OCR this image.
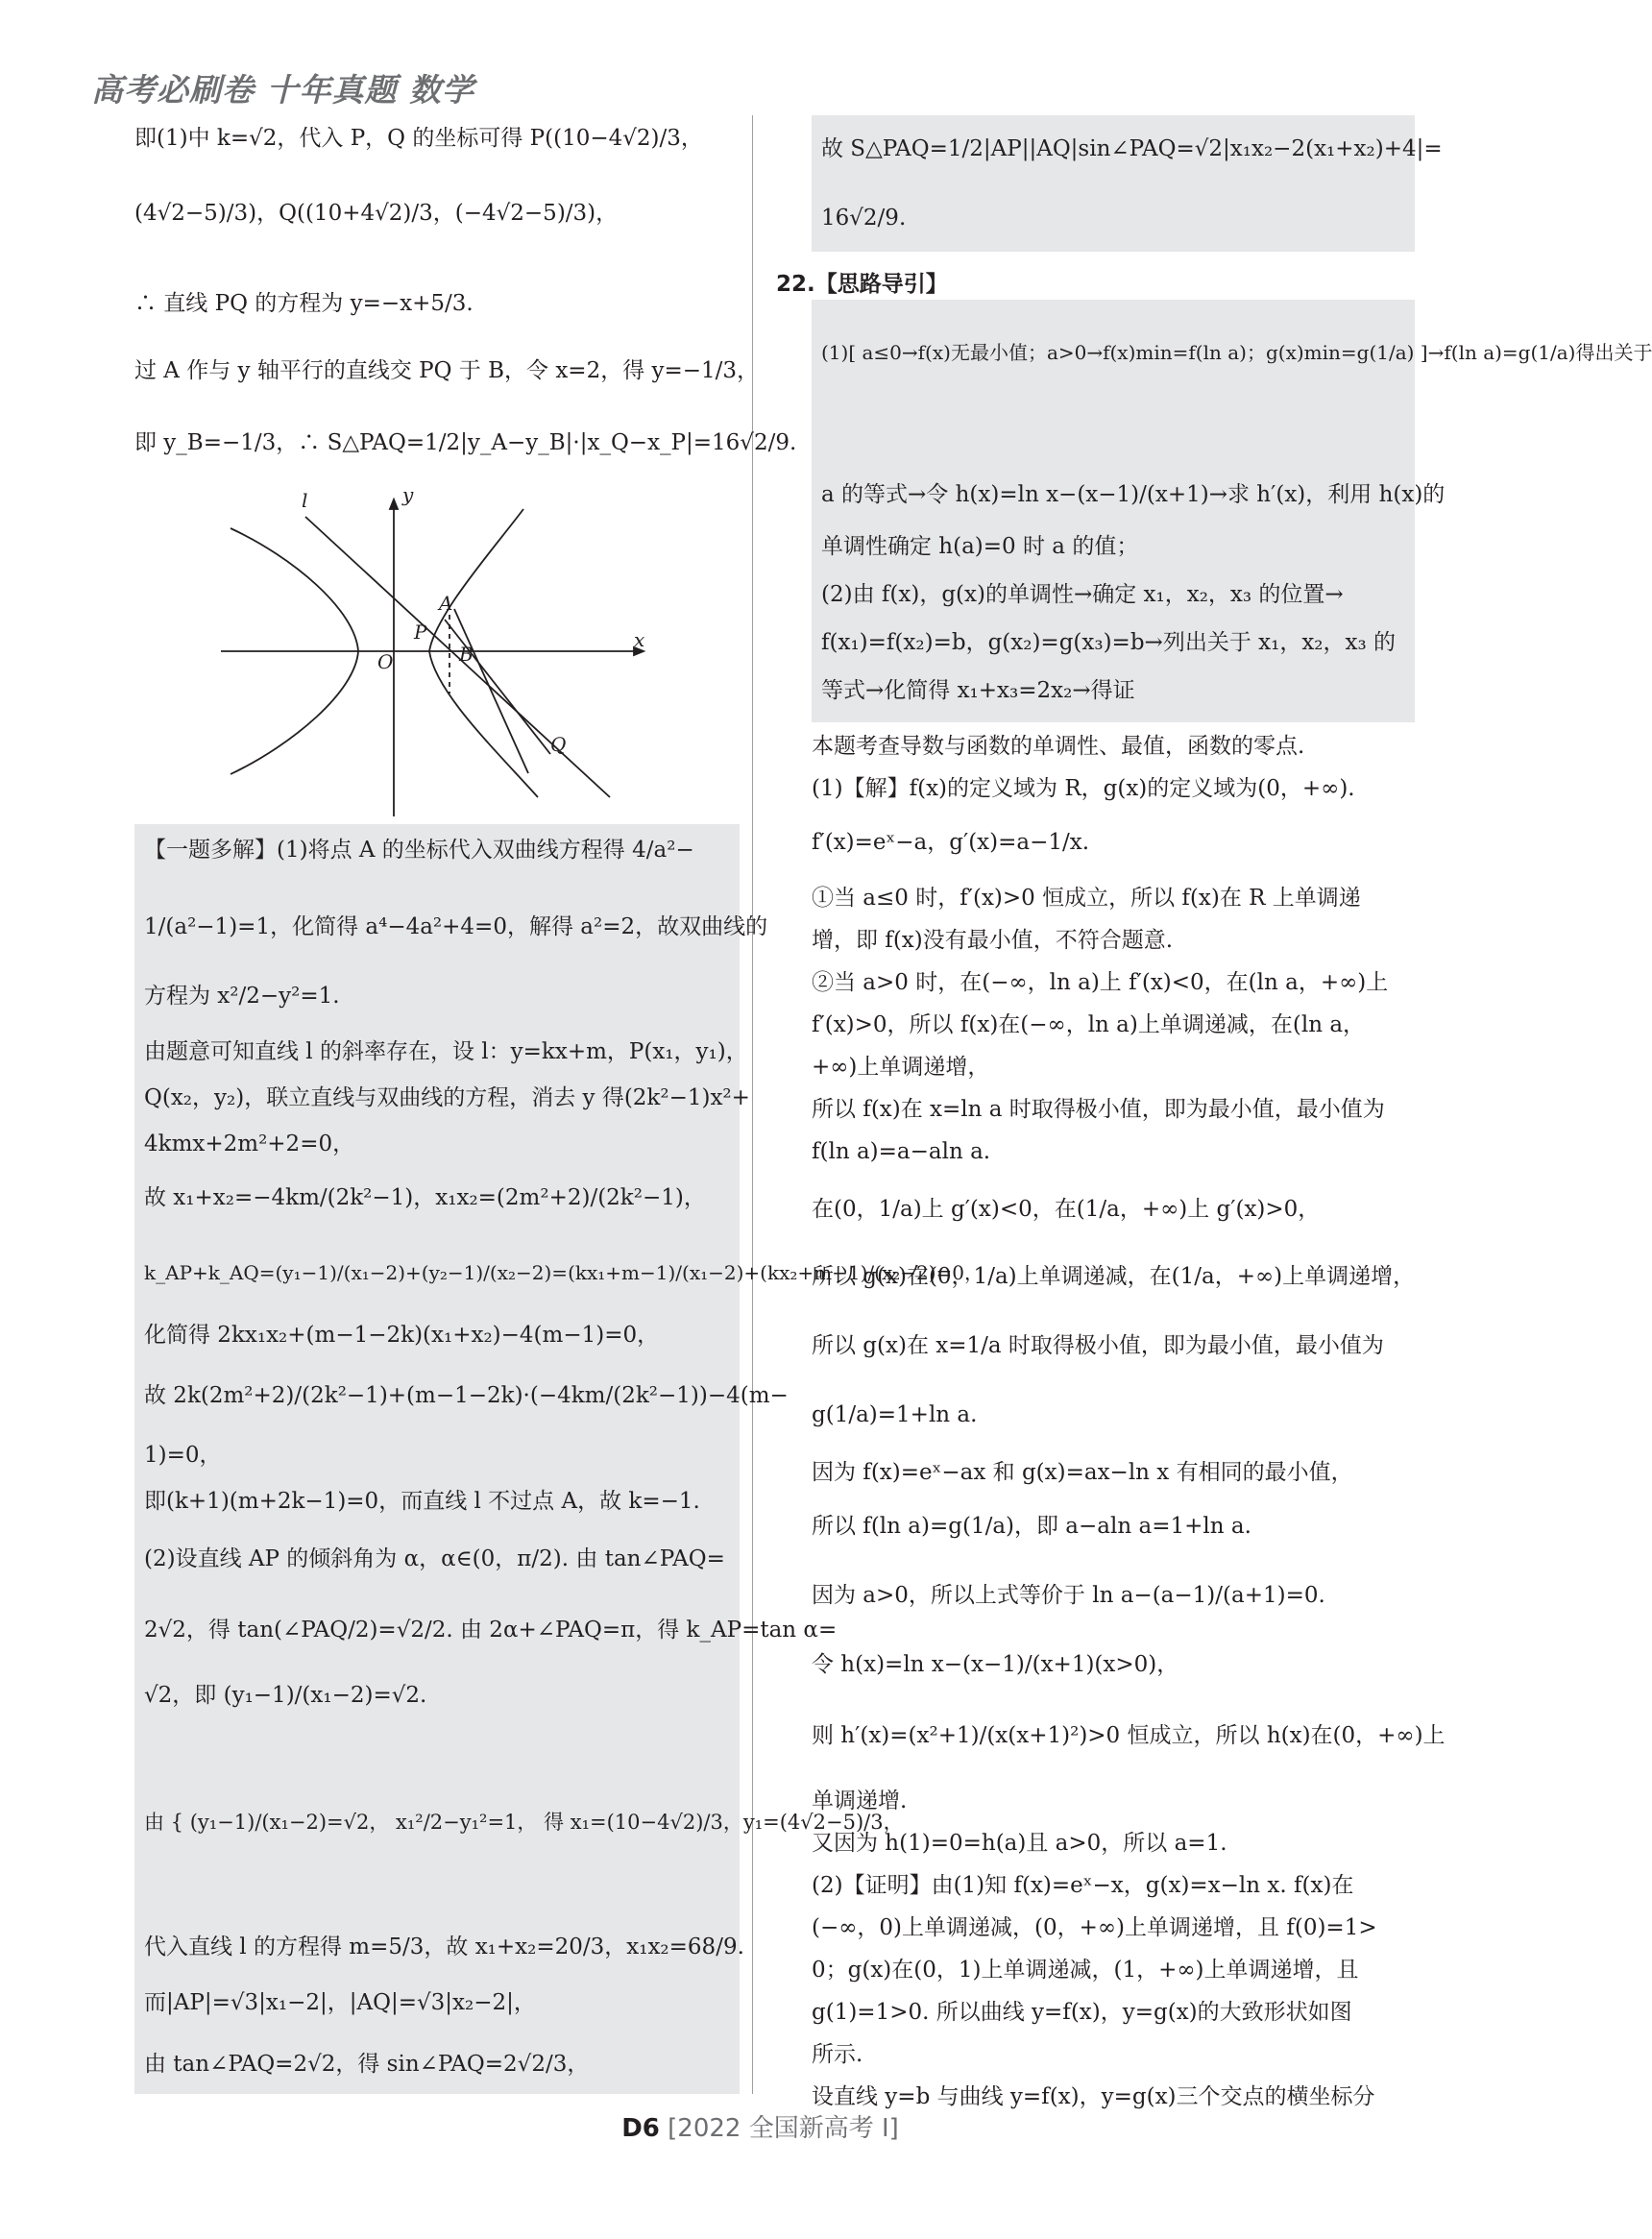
高考必刷卷 十年真题 数学
即(1)中 k=√2，代入 P，Q 的坐标可得 P((10−4√2)/3，
(4√2−5)/3)，Q((10+4√2)/3，(−4√2−5)/3)，
∴ 直线 PQ 的方程为 y=−x+5/3.
过 A 作与 y 轴平行的直线交 PQ 于 B，令 x=2，得 y=−1/3，
即 y_B=−1/3，∴ S△PAQ=1/2|y_A−y_B|·|x_Q−x_P|=16√2/9.
l	y
x
O
A
P
B
Q

【一题多解】(1)将点 A 的坐标代入双曲线方程得 4/a²−

1/(a²−1)=1，化简得 a⁴−4a²+4=0，解得 a²=2，故双曲线的

方程为 x²/2−y²=1.

由题意可知直线 l 的斜率存在，设 l：y=kx+m，P(x₁，y₁)，

Q(x₂，y₂)，联立直线与双曲线的方程，消去 y 得(2k²−1)x²+

4kmx+2m²+2=0，

故 x₁+x₂=−4km/(2k²−1)，x₁x₂=(2m²+2)/(2k²−1)，

k_AP+k_AQ=(y₁−1)/(x₁−2)+(y₂−1)/(x₂−2)=(kx₁+m−1)/(x₁−2)+(kx₂+m−1)/(x₂−2)=0，

化简得 2kx₁x₂+(m−1−2k)(x₁+x₂)−4(m−1)=0，

故 2k(2m²+2)/(2k²−1)+(m−1−2k)·(−4km/(2k²−1))−4(m−

1)=0，

即(k+1)(m+2k−1)=0，而直线 l 不过点 A，故 k=−1.

(2)设直线 AP 的倾斜角为 α，α∈(0，π/2). 由 tan∠PAQ=

2√2，得 tan(∠PAQ/2)=√2/2. 由 2α+∠PAQ=π，得 k_AP=tan α=

√2，即 (y₁−1)/(x₁−2)=√2.

由 { (y₁−1)/(x₁−2)=√2， x₁²/2−y₁²=1， 得 x₁=(10−4√2)/3，y₁=(4√2−5)/3，

代入直线 l 的方程得 m=5/3，故 x₁+x₂=20/3，x₁x₂=68/9.

而|AP|=√3|x₁−2|，|AQ|=√3|x₂−2|，

由 tan∠PAQ=2√2，得 sin∠PAQ=2√2/3，

故 S△PAQ=1/2|AP||AQ|sin∠PAQ=√2|x₁x₂−2(x₁+x₂)+4|=

16√2/9.

22.【思路导引】

(1)[ a≤0→f(x)无最小值；a>0→f(x)min=f(ln a)；g(x)min=g(1/a) ]→f(ln a)=g(1/a)得出关于

a 的等式→令 h(x)=ln x−(x−1)/(x+1)→求 h′(x)，利用 h(x)的

单调性确定 h(a)=0 时 a 的值；

(2)由 f(x)，g(x)的单调性→确定 x₁，x₂，x₃ 的位置→

f(x₁)=f(x₂)=b，g(x₂)=g(x₃)=b→列出关于 x₁，x₂，x₃ 的

等式→化简得 x₁+x₃=2x₂→得证

本题考查导数与函数的单调性、最值，函数的零点.

(1)【解】f(x)的定义域为 R，g(x)的定义域为(0，+∞).

f′(x)=eˣ−a，g′(x)=a−1/x.

①当 a≤0 时，f′(x)>0 恒成立，所以 f(x)在 R 上单调递

增，即 f(x)没有最小值，不符合题意.

②当 a>0 时，在(−∞，ln a)上 f′(x)<0，在(ln a，+∞)上

f′(x)>0，所以 f(x)在(−∞，ln a)上单调递减，在(ln a，

+∞)上单调递增，

所以 f(x)在 x=ln a 时取得极小值，即为最小值，最小值为

f(ln a)=a−aln a.

在(0，1/a)上 g′(x)<0，在(1/a，+∞)上 g′(x)>0，

所以 g(x)在(0，1/a)上单调递减，在(1/a，+∞)上单调递增，

所以 g(x)在 x=1/a 时取得极小值，即为最小值，最小值为

g(1/a)=1+ln a.

因为 f(x)=eˣ−ax 和 g(x)=ax−ln x 有相同的最小值，

所以 f(ln a)=g(1/a)，即 a−aln a=1+ln a.

因为 a>0，所以上式等价于 ln a−(a−1)/(a+1)=0.

令 h(x)=ln x−(x−1)/(x+1)(x>0)，

则 h′(x)=(x²+1)/(x(x+1)²)>0 恒成立，所以 h(x)在(0，+∞)上

单调递增.

又因为 h(1)=0=h(a)且 a>0，所以 a=1.

(2)【证明】由(1)知 f(x)=eˣ−x，g(x)=x−ln x. f(x)在

(−∞，0)上单调递减，(0，+∞)上单调递增，且 f(0)=1>

0；g(x)在(0，1)上单调递减，(1，+∞)上单调递增，且

g(1)=1>0. 所以曲线 y=f(x)，y=g(x)的大致形状如图

所示.

设直线 y=b 与曲线 y=f(x)，y=g(x)三个交点的横坐标分

D6 [2022 全国新高考 Ⅰ]
